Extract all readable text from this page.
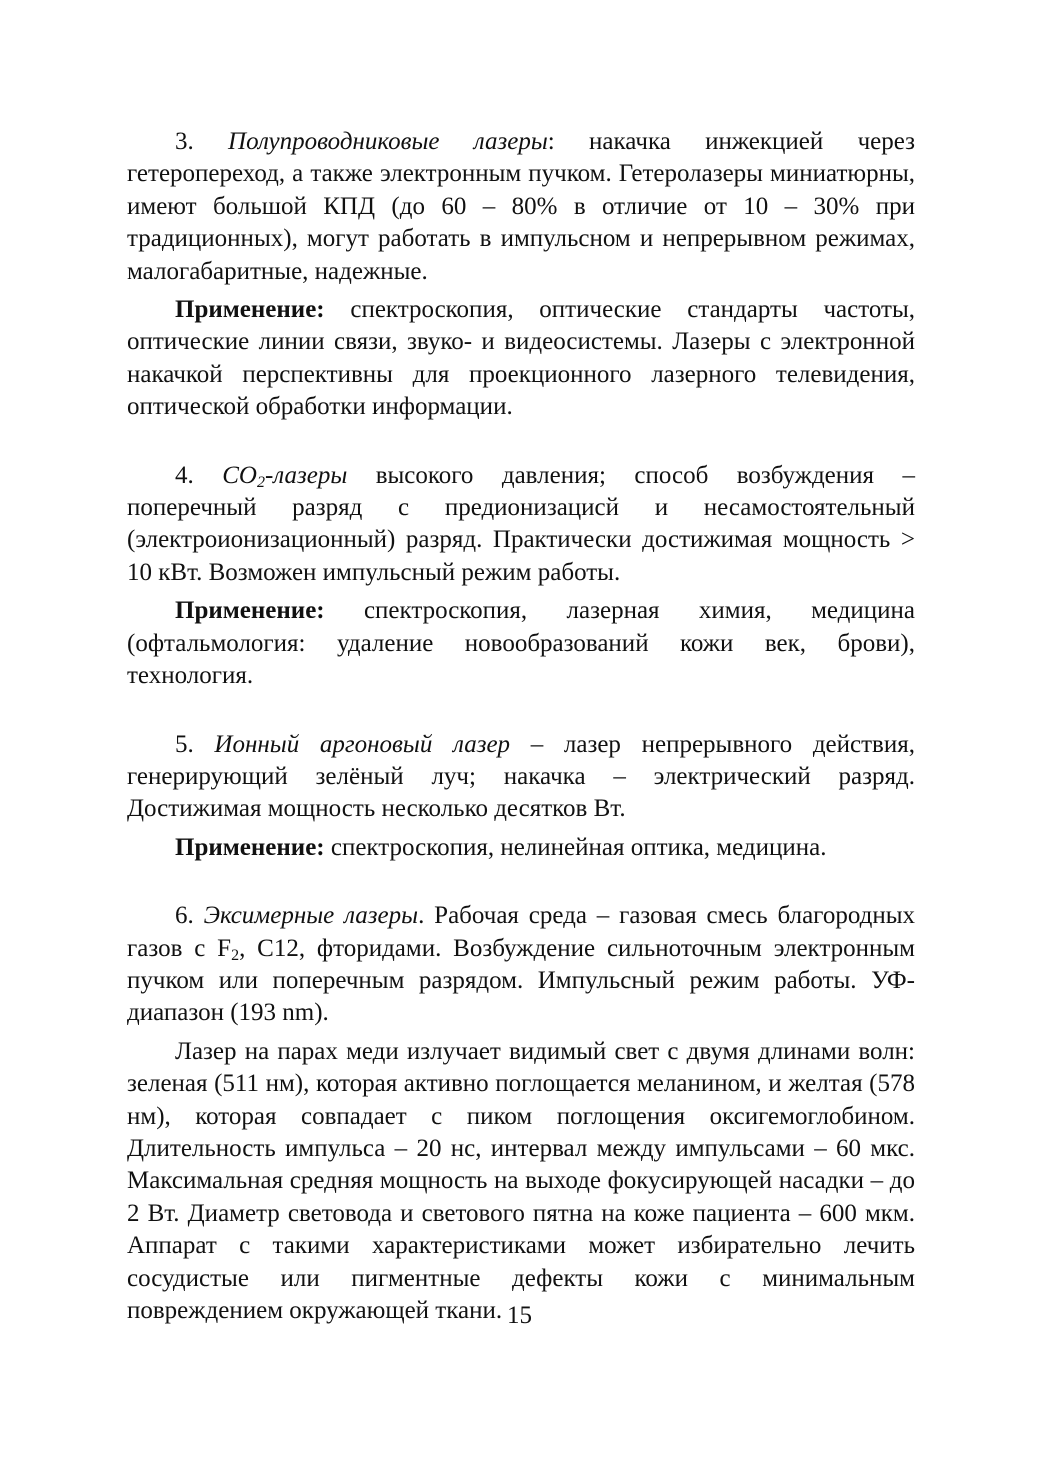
3. Полупроводниковые лазеры: накачка инжекцией через гетеропереход, а также электронным пучком. Гетеролазеры миниатюрны, имеют большой КПД (до 60 – 80% в отличие от 10 – 30% при традиционных), могут работать в импульсном и непрерывном режимах, малогабаритные, надежные.

Применение: спектроскопия, оптические стандарты частоты, оптические линии связи, звуко- и видеосистемы. Лазеры с электронной накачкой перспективны для проекционного лазерного телевидения, оптической обработки информации.

4. $CO_2$-лазеры высокого давления; способ возбуждения – поперечный разряд с предионизацисй и несамостоятельный (электроионизационный) разряд. Практически достижимая мощность > 10 кВт. Возможен импульсный режим работы.

Применение: спектроскопия, лазерная химия, медицина (офтальмология: удаление новообразований кожи век, брови), технология.

5. Ионный аргоновый лазер – лазер непрерывного действия, генерирующий зелёный луч; накачка – электрический разряд. Достижимая мощность несколько десятков Вт.

Применение: спектроскопия, нелинейная оптика, медицина.

6. Эксимерные лазеры. Рабочая среда – газовая смесь благородных газов с $F_2$, С12, фторидами. Возбуждение сильноточным электронным пучком или поперечным разрядом. Импульсный режим работы. УФ-диапазон (193 nm).

Лазер на парах меди излучает видимый свет с двумя длинами волн: зеленая (511 нм), которая активно поглощается меланином, и желтая (578 нм), которая совпадает с пиком поглощения оксигемоглобином. Длительность импульса – 20 нс, интервал между импульсами – 60 мкс. Максимальная средняя мощность на выходе фокусирующей насадки – до 2 Вт. Диаметр световода и светового пятна на коже пациента – 600 мкм. Аппарат с такими характеристиками может избирательно лечить сосудистые или пигментные дефекты кожи с минимальным повреждением окружающей ткани. 15
